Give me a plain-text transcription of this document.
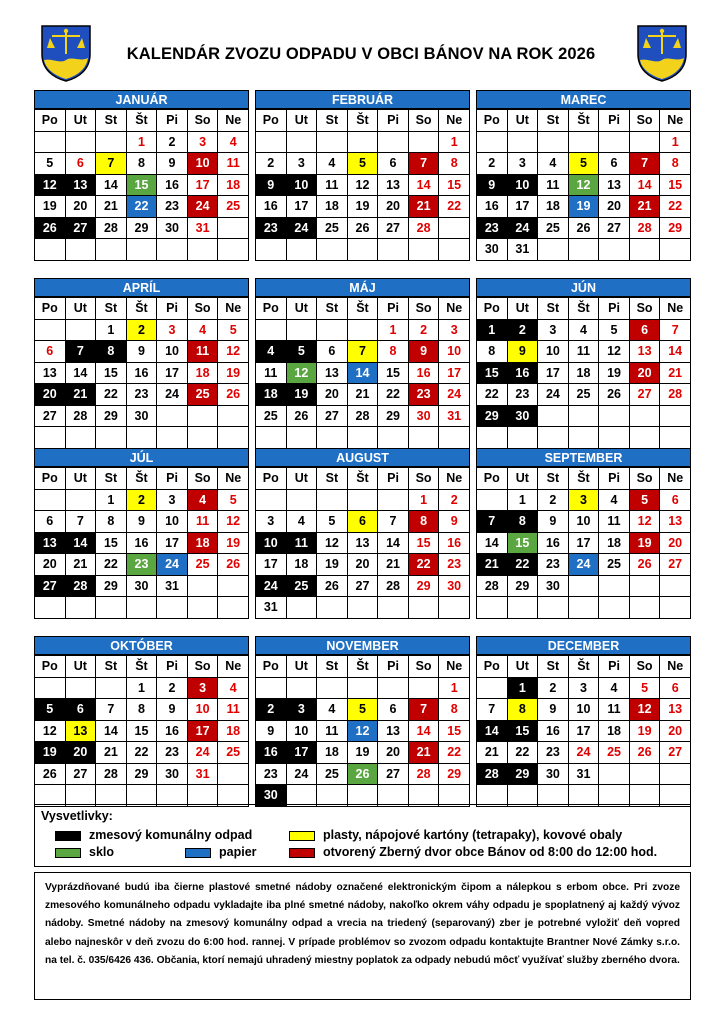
KALENDÁR ZVOZU ODPADU V OBCI BÁNOV NA ROK 2026
JANUÁR
Po	Ut	St	Št	Pi	So	Ne
			1	2	3	4
5	6	7	8	9	10	11
12	13	14	15	16	17	18
19	20	21	22	23	24	25
26	27	28	29	30	31	

FEBRUÁR
Po	Ut	St	Št	Pi	So	Ne
						1
2	3	4	5	6	7	8
9	10	11	12	13	14	15
16	17	18	19	20	21	22
23	24	25	26	27	28	

MAREC
Po	Ut	St	Št	Pi	So	Ne
						1
2	3	4	5	6	7	8
9	10	11	12	13	14	15
16	17	18	19	20	21	22
23	24	25	26	27	28	29
30	31					
APRÍL
Po	Ut	St	Št	Pi	So	Ne
		1	2	3	4	5
6	7	8	9	10	11	12
13	14	15	16	17	18	19
20	21	22	23	24	25	26
27	28	29	30			

MÁJ
Po	Ut	St	Št	Pi	So	Ne
				1	2	3
4	5	6	7	8	9	10
11	12	13	14	15	16	17
18	19	20	21	22	23	24
25	26	27	28	29	30	31

JÚN
Po	Ut	St	Št	Pi	So	Ne
1	2	3	4	5	6	7
8	9	10	11	12	13	14
15	16	17	18	19	20	21
22	23	24	25	26	27	28
29	30					

JÚL
Po	Ut	St	Št	Pi	So	Ne
		1	2	3	4	5
6	7	8	9	10	11	12
13	14	15	16	17	18	19
20	21	22	23	24	25	26
27	28	29	30	31		

AUGUST
Po	Ut	St	Št	Pi	So	Ne
					1	2
3	4	5	6	7	8	9
10	11	12	13	14	15	16
17	18	19	20	21	22	23
24	25	26	27	28	29	30
31						
SEPTEMBER
Po	Ut	St	Št	Pi	So	Ne
	1	2	3	4	5	6
7	8	9	10	11	12	13
14	15	16	17	18	19	20
21	22	23	24	25	26	27
28	29	30				

OKTÓBER
Po	Ut	St	Št	Pi	So	Ne
			1	2	3	4
5	6	7	8	9	10	11
12	13	14	15	16	17	18
19	20	21	22	23	24	25
26	27	28	29	30	31	

NOVEMBER
Po	Ut	St	Št	Pi	So	Ne
						1
2	3	4	5	6	7	8
9	10	11	12	13	14	15
16	17	18	19	20	21	22
23	24	25	26	27	28	29
30						
DECEMBER
Po	Ut	St	Št	Pi	So	Ne
	1	2	3	4	5	6
7	8	9	10	11	12	13
14	15	16	17	18	19	20
21	22	23	24	25	26	27
28	29	30	31			

Vysvetlivky:
zmesový komunálny odpad	plasty, nápojové kartóny (tetrapaky), kovové obaly
sklo	papier	otvorený Zberný dvor obce Bánov od 8:00 do 12:00 hod.
Vyprázdňované budú iba čierne plastové smetné nádoby označené elektronickým čipom a nálepkou s erbom obce. Pri zvoze zmesového komunálneho odpadu vykladajte iba plné smetné nádoby, nakoľko okrem váhy odpadu je spoplatnený aj každý vývoz nádoby. Smetné nádoby na zmesový komunálny odpad a vrecia na triedený (separovaný) zber je potrebné vyložiť deň vopred alebo najneskôr v deň zvozu do 6:00 hod. rannej. V prípade problémov so zvozom odpadu kontaktujte Brantner Nové Zámky s.r.o. na tel. č. 035/6426 436. Občania, ktorí nemajú uhradený miestny poplatok za odpady nebudú môcť využívať služby zberného dvora.
